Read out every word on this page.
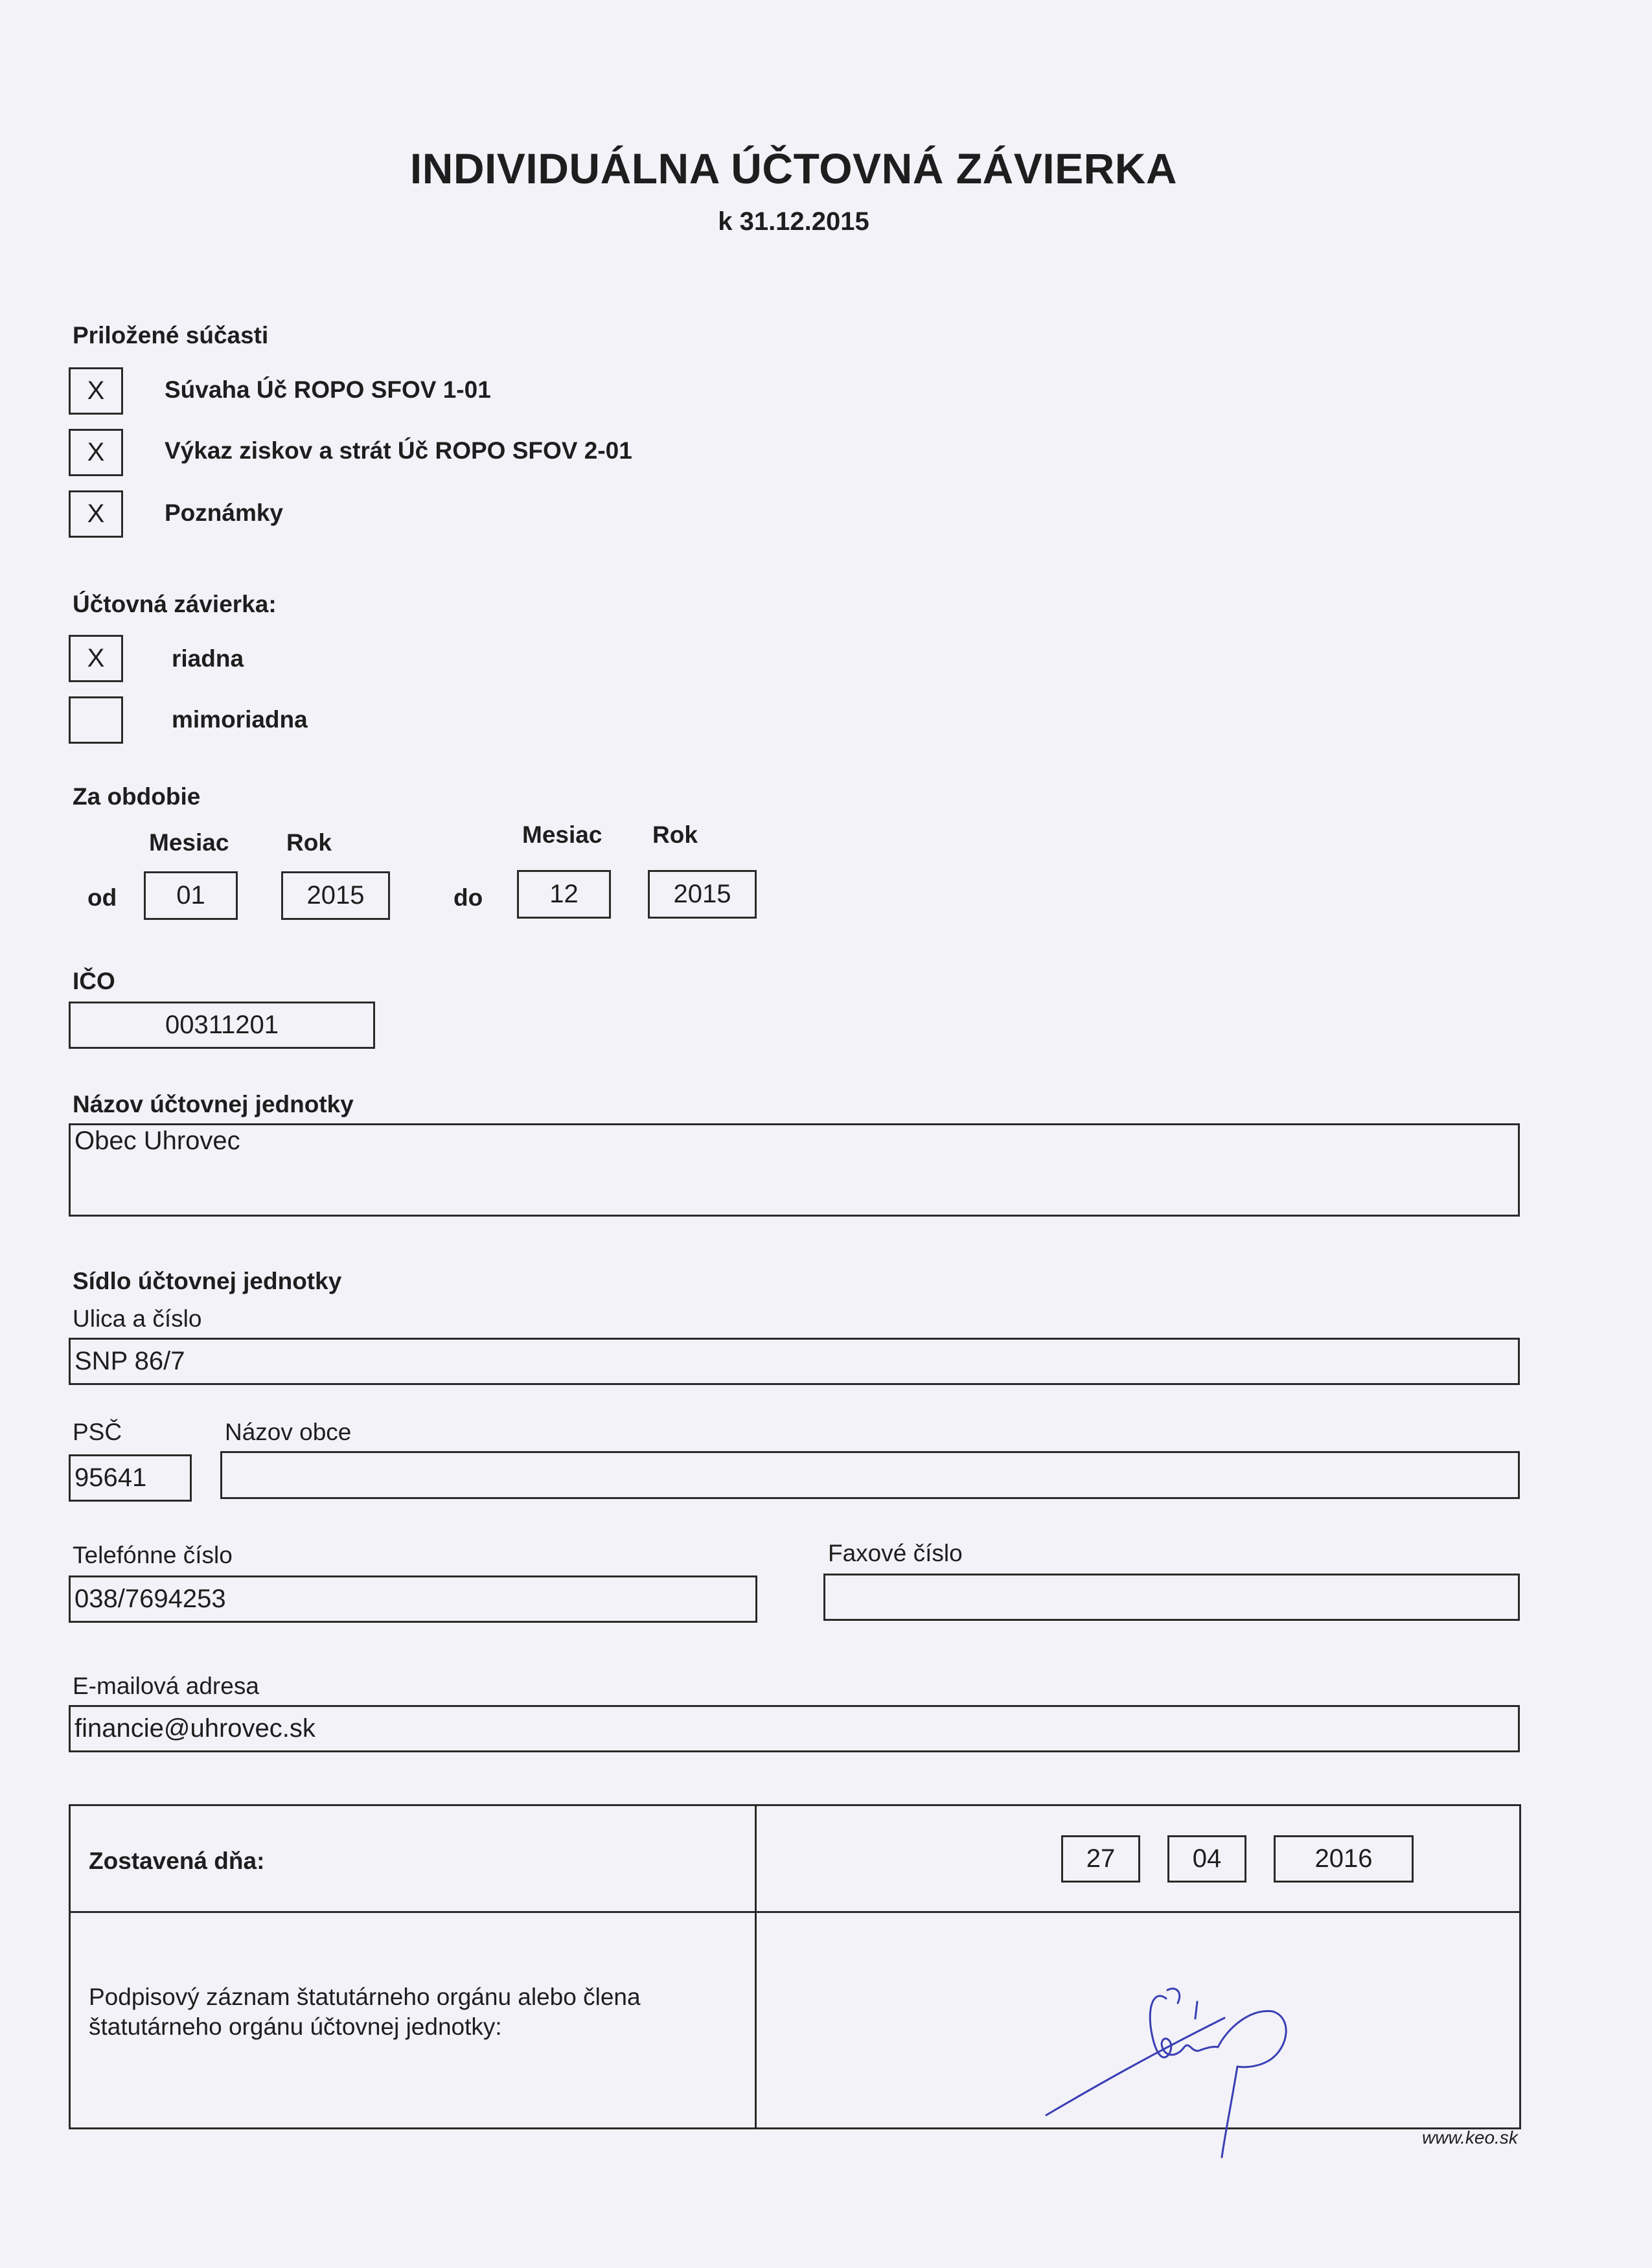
INDIVIDUÁLNA ÚČTOVNÁ ZÁVIERKA
k 31.12.2015
Priložené súčasti
X	Súvaha Úč ROPO SFOV 1-01
X	Výkaz ziskov a strát Úč ROPO SFOV 2-01
X	Poznámky
Účtovná závierka:
X	riadna
mimoriadna
Za obdobie
Mesiac Rok	Mesiac Rok
od	01	2015	do	12	2015
IČO
00311201
Názov účtovnej jednotky
Obec Uhrovec
Sídlo účtovnej jednotky
Ulica a číslo
SNP 86/7
PSČ	Názov obce
95641
Telefónne číslo	Faxové číslo
038/7694253
E-mailová adresa
financie@uhrovec.sk
Zostavená dňa:	27	04	2016
Podpisový záznam štatutárneho orgánu alebo člena
štatutárneho orgánu účtovnej jednotky:
www.keo.sk
